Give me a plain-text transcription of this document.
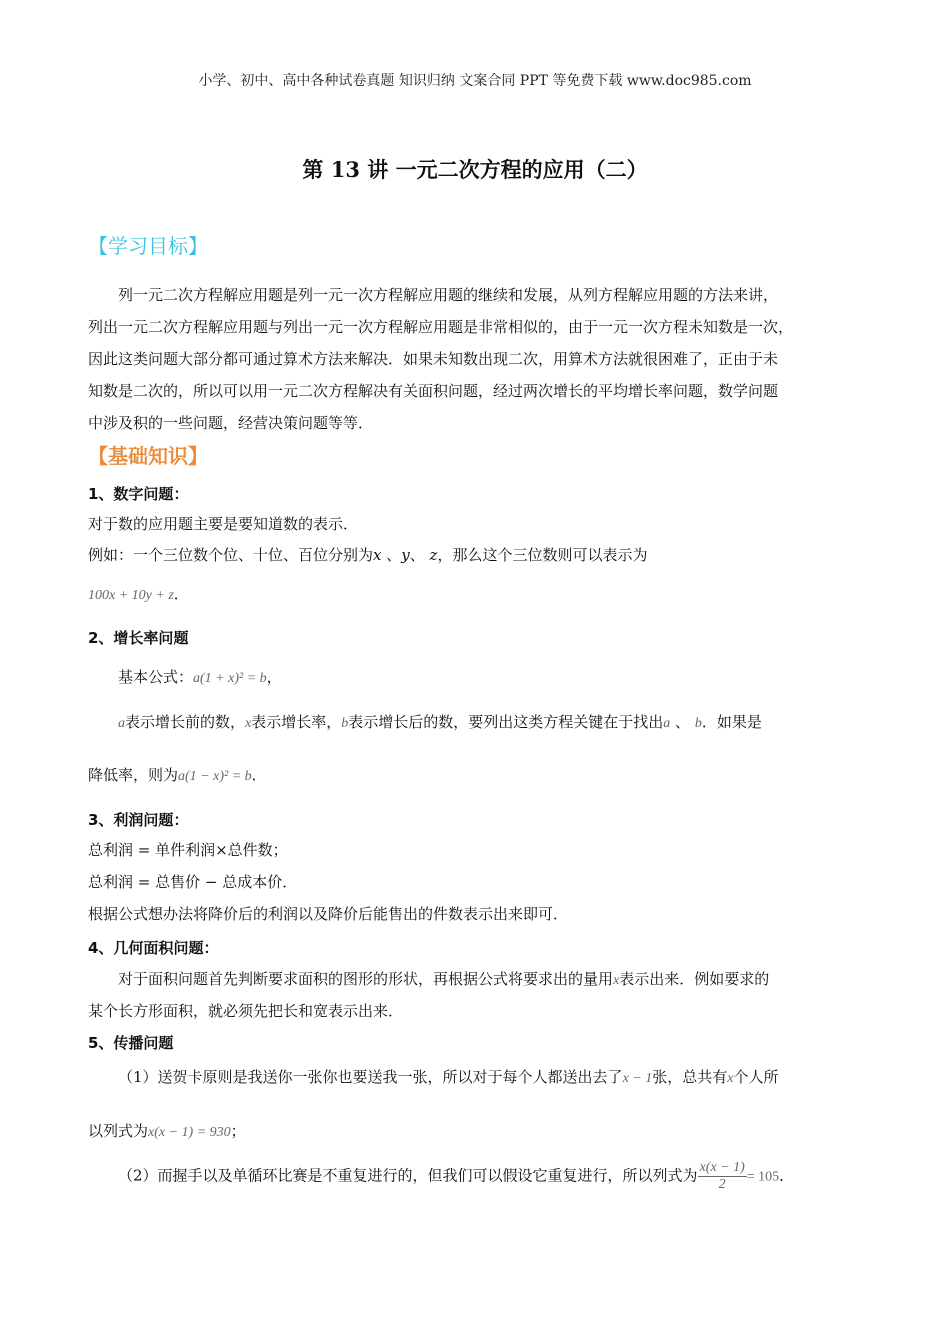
小学、初中、高中各种试卷真题 知识归纳 文案合同 PPT 等免费下载 www.doc985.com
第 13 讲 一元二次方程的应用（二）
【学习目标】
列一元二次方程解应用题是列一元一次方程解应用题的继续和发展，从列方程解应用题的方法来讲，
列出一元二次方程解应用题与列出一元一次方程解应用题是非常相似的，由于一元一次方程未知数是一次，
因此这类问题大部分都可通过算术方法来解决．如果未知数出现二次，用算术方法就很困难了，正由于未
知数是二次的，所以可以用一元二次方程解决有关面积问题，经过两次增长的平均增长率问题，数学问题
中涉及积的一些问题，经营决策问题等等．
【基础知识】
1、数字问题：
对于数的应用题主要是要知道数的表示．
例如：一个三位数个位、十位、百位分别为x 、y、 z，那么这个三位数则可以表示为
100x + 10y + z．
2、增长率问题
基本公式：a(1 + x)² = b，
a表示增长前的数，x表示增长率，b表示增长后的数，要列出这类方程关键在于找出a 、 b．如果是
降低率，则为a(1 − x)² = b．
3、利润问题：
总利润 = 单件利润×总件数；
总利润 = 总售价 − 总成本价．
根据公式想办法将降价后的利润以及降价后能售出的件数表示出来即可．
4、几何面积问题：
对于面积问题首先判断要求面积的图形的形状，再根据公式将要求出的量用x表示出来．例如要求的
某个长方形面积，就必须先把长和宽表示出来．
5、传播问题
（1）送贺卡原则是我送你一张你也要送我一张，所以对于每个人都送出去了x − 1张，总共有x个人所
以列式为x(x − 1) = 930；
（2）而握手以及单循环比赛是不重复进行的，但我们可以假设它重复进行，所以列式为 $\frac{x(x - 1)}{2} = 105$．
